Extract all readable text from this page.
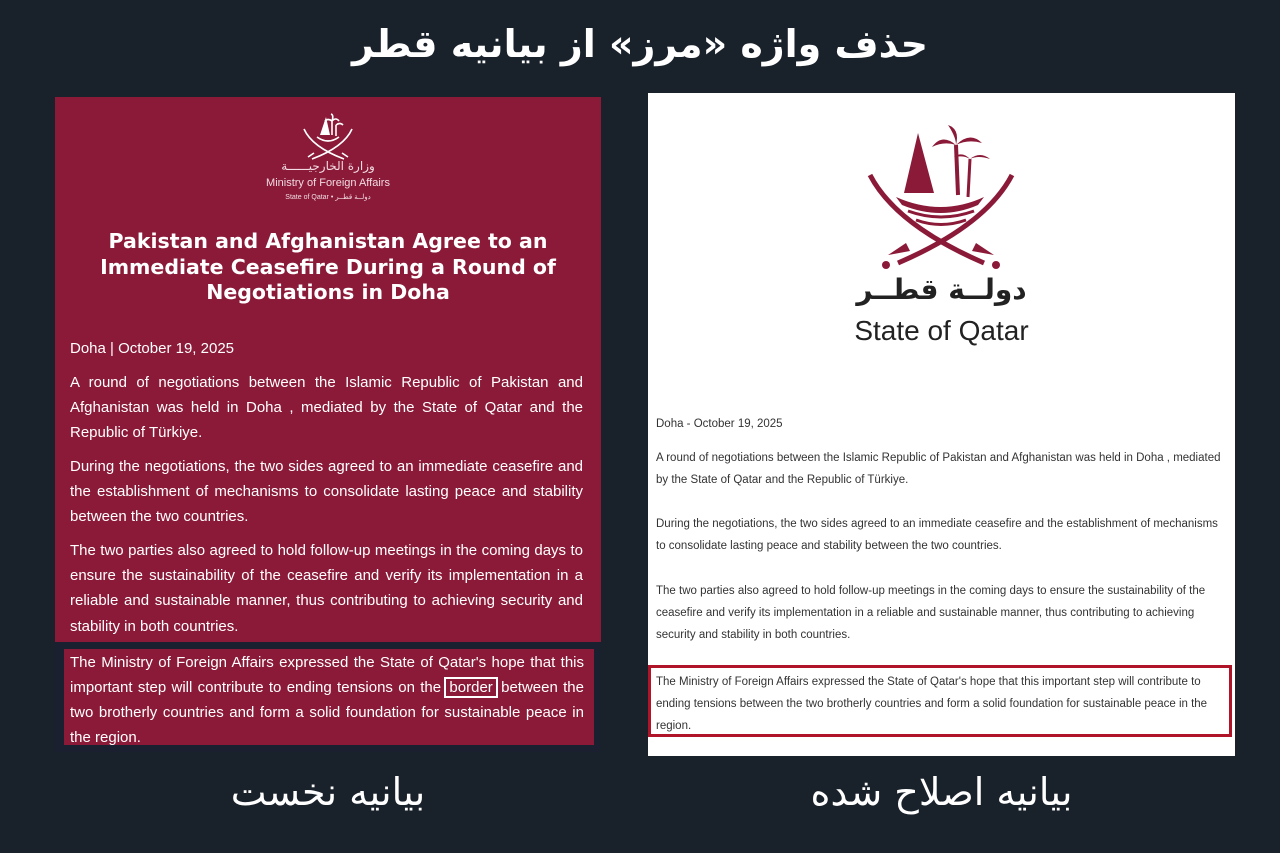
حذف واژه «مرز» از بیانیه قطر
وزارة الخارجيــــــة
Ministry of Foreign Affairs
State of Qatar • دولــة قطــر
Pakistan and Afghanistan Agree to an Immediate Ceasefire During a Round of Negotiations in Doha
Doha | October 19, 2025
A round of negotiations between the Islamic Republic of Pakistan and Afghanistan was held in Doha , mediated by the State of Qatar and the Republic of Türkiye.
During the negotiations, the two sides agreed to an immediate ceasefire and the establishment of mechanisms to consolidate lasting peace and stability between the two countries.
The two parties also agreed to hold follow-up meetings in the coming days to ensure the sustainability of the ceasefire and verify its implementation in a reliable and sustainable manner, thus contributing to achieving security and stability in both countries.
The Ministry of Foreign Affairs expressed the State of Qatar's hope that this important step will contribute to ending tensions on the border between the two brotherly countries and form a solid foundation for sustainable peace in the region.
دولــة قطــر
State of Qatar
Doha - October 19, 2025
A round of negotiations between the Islamic Republic of Pakistan and Afghanistan was held in Doha , mediated by the State of Qatar and the Republic of Türkiye.
During the negotiations, the two sides agreed to an immediate ceasefire and the establishment of mechanisms to consolidate lasting peace and stability between the two countries.
The two parties also agreed to hold follow-up meetings in the coming days to ensure the sustainability of the ceasefire and verify its implementation in a reliable and sustainable manner, thus contributing to achieving security and stability in both countries.
The Ministry of Foreign Affairs expressed the State of Qatar's hope that this important step will contribute to ending tensions between the two brotherly countries and form a solid foundation for sustainable peace in the region.
بیانیه نخست	بیانیه اصلاح شده
